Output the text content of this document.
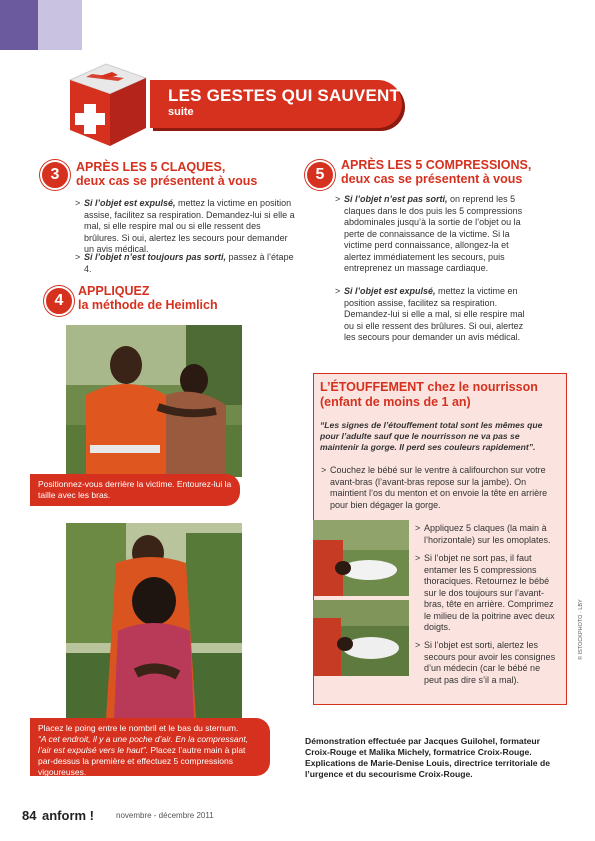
LES GESTES QUI SAUVENT
suite
3	APRÈS LES 5 CLAQUES,
deux cas se présentent à vous
> Si l’objet est expulsé, mettez la victime en position assise, facilitez sa respiration. Demandez-lui si elle a mal, si elle respire mal ou si elle ressent des brûlures. Si oui, alertez les secours pour demander un avis médical.
> Si l’objet n’est toujours pas sorti, passez à l’étape 4.
4
APPLIQUEZ
la méthode de Heimlich
Positionnez-vous derrière la victime. Entourez-lui la taille avec les bras.
Placez le poing entre le nombril et le bas du sternum.
“A cet endroit, il y a une poche d’air. En la compressant, l’air est expulsé vers le haut”. Placez l’autre main à plat par-dessus la première et effectuez 5 compressions vigoureuses.
5
APRÈS LES 5 COMPRESSIONS,
deux cas se présentent à vous
> Si l’objet n’est pas sorti, on reprend les 5 claques dans le dos puis les 5 compressions abdominales jusqu’à la sortie de l’objet ou la perte de connaissance de la victime. Si la victime perd connaissance, allongez-la et alertez immédiatement les secours, puis entreprenez un massage cardiaque.
> Si l’objet est expulsé, mettez la victime en position assise, facilitez sa respiration. Demandez-lui si elle a mal, si elle respire mal ou si elle ressent des brûlures. Si oui, alertez les secours pour demander un avis médical.
L’ÉTOUFFEMENT chez le nourrisson
(enfant de moins de 1 an)
“Les signes de l’étouffement total sont les mêmes que pour l’adulte sauf que le nourrisson ne va pas se maintenir la gorge. Il perd ses couleurs rapidement”.
> Couchez le bébé sur le ventre à califourchon sur votre avant-bras (l’avant-bras repose sur la jambe). On maintient l’os du menton et on envoie la tête en arrière pour bien dégager la gorge.
> Appliquez 5 claques (la main à l’horizontale) sur les omoplates.
> Si l’objet ne sort pas, il faut entamer les 5 compressions thoraciques. Retournez le bébé sur le dos toujours sur l’avant-bras, tête en arrière. Comprimez le milieu de la poitrine avec deux doigts.
> Si l’objet est sorti, alertez les secours pour avoir les consignes d’un médecin (car le bébé ne peut pas dire s’il a mal).
© ISTOCKPHOTO · LBY
Démonstration effectuée par Jacques Guilohel, formateur Croix-Rouge et Malika Michely, formatrice Croix-Rouge. Explications de Marie-Denise Louis, directrice territoriale de l’urgence et du secourisme Croix-Rouge.
84 anform !	novembre - décembre 2011
